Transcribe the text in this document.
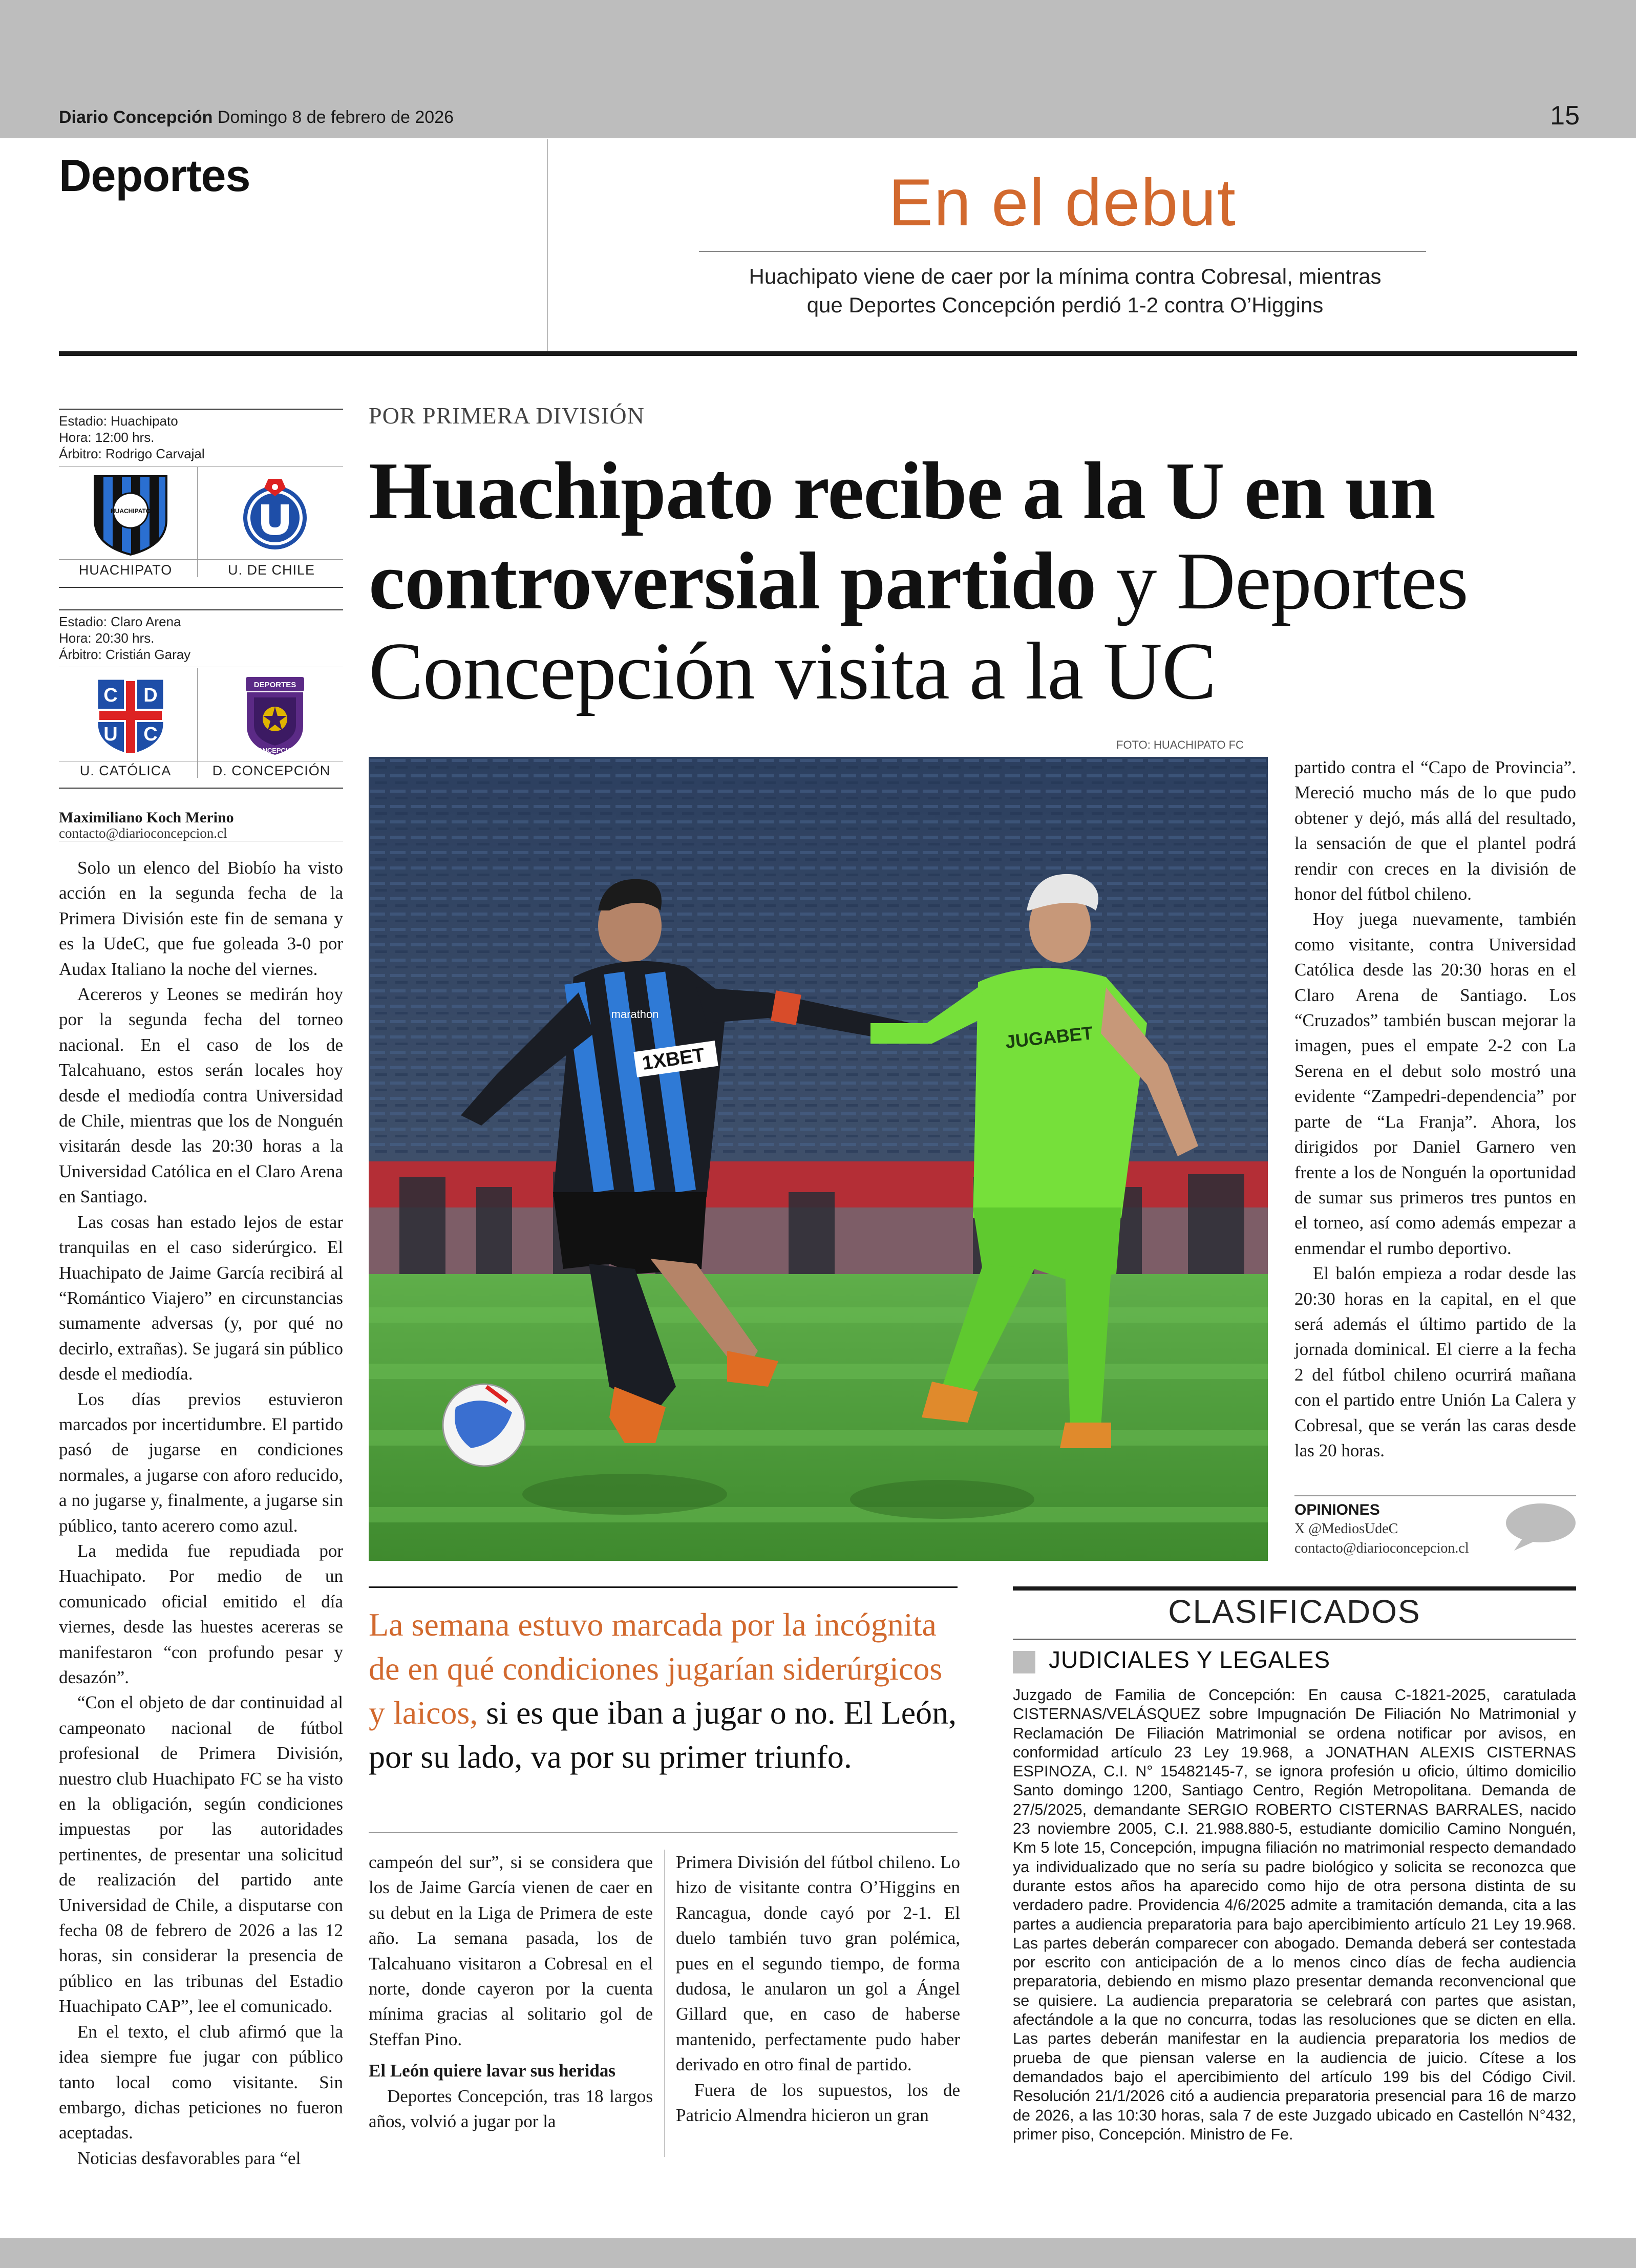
Diario Concepción Domingo 8 de febrero de 2026	15
Deportes	En el debut
Huachipato viene de caer por la mínima contra Cobresal, mientras
que Deportes Concepción perdió 1-2 contra O’Higgins
Estadio: Huachipato
Hora: 12:00 hrs.
Árbitro: Rodrigo Carvajal
HUACHIPATO
HUACHIPATO	U. DE CHILE
Estadio: Claro Arena
Hora: 20:30 hrs.
Árbitro: Cristián Garay
C D
U C
DEPORTES
CONCEPCION
U. CATÓLICA	D. CONCEPCIÓN
Maximiliano Koch Merino
contacto@diarioconcepcion.cl

Solo un elenco del Biobío ha visto acción en la segunda fecha de la Primera División este fin de semana y es la UdeC, que fue goleada 3-0 por Audax Italiano la noche del viernes.

Acereros y Leones se medirán hoy por la segunda fecha del torneo nacional. En el caso de los de Talcahuano, estos serán locales hoy desde el mediodía contra Universidad de Chile, mientras que los de Nonguén visitarán desde las 20:30 horas a la Universidad Católica en el Claro Arena en Santiago.

Las cosas han estado lejos de estar tranquilas en el caso siderúrgico. El Huachipato de Jaime García recibirá al “Romántico Viajero” en circunstancias sumamente adversas (y, por qué no decirlo, extrañas). Se jugará sin público desde el mediodía.

Los días previos estuvieron marcados por incertidumbre. El partido pasó de jugarse en condiciones normales, a jugarse con aforo reducido, a no jugarse y, finalmente, a jugarse sin público, tanto acerero como azul.

La medida fue repudiada por Huachipato. Por medio de un comunicado oficial emitido el día viernes, desde las huestes acereras se manifestaron “con profundo pesar y desazón”.

“Con el objeto de dar continuidad al campeonato nacional de fútbol profesional de Primera División, nuestro club Huachipato FC se ha visto en la obligación, según condiciones impuestas por las autoridades pertinentes, de presentar una solicitud de realización del partido ante Universidad de Chile, a disputarse con fecha 08 de febrero de 2026 a las 12 horas, sin considerar la presencia de público en las tribunas del Estadio Huachipato CAP”, lee el comunicado.

En el texto, el club afirmó que la idea siempre fue jugar con público tanto local como visitante. Sin embargo, dichas peticiones no fueron aceptadas.

Noticias desfavorables para “el

POR PRIMERA DIVISIÓN
Huachipato recibe a la U en un controversial partido y Deportes Concepción visita a la UC
FOTO: HUACHIPATO FC
1XBET
marathon
JUGABET

partido contra el “Capo de Provincia”. Mereció mucho más de lo que pudo obtener y dejó, más allá del resultado, la sensación de que el plantel podrá rendir con creces en la división de honor del fútbol chileno.

Hoy juega nuevamente, también como visitante, contra Universidad Católica desde las 20:30 horas en el Claro Arena de Santiago. Los “Cruzados” también buscan mejorar la imagen, pues el empate 2-2 con La Serena en el debut solo mostró una evidente “Zampedri-dependencia” por parte de “La Franja”. Ahora, los dirigidos por Daniel Garnero ven frente a los de Nonguén la oportunidad de sumar sus primeros tres puntos en el torneo, así como además empezar a enmendar el rumbo deportivo.

El balón empieza a rodar desde las 20:30 horas en la capital, en el que será además el último partido de la jornada dominical. El cierre a la fecha 2 del fútbol chileno ocurrirá mañana con el partido entre Unión La Calera y Cobresal, que se verán las caras desde las 20 horas.

OPINIONES
X @MediosUdeC
contacto@diarioconcepcion.cl
La semana estuvo marcada por la incógnita de en qué condiciones jugarían siderúrgicos y laicos, si es que iban a jugar o no. El León, por su lado, va por su primer triunfo.

campeón del sur”, si se considera que los de Jaime García vienen de caer en su debut en la Liga de Primera de este año. La semana pasada, los de Talcahuano visitaron a Cobresal en el norte, donde cayeron por la cuenta mínima gracias al solitario gol de Steffan Pino.

El León quiere lavar sus heridas

Deportes Concepción, tras 18 largos años, volvió a jugar por la

Primera División del fútbol chileno. Lo hizo de visitante contra O’Higgins en Rancagua, donde cayó por 2-1. El duelo también tuvo gran polémica, pues en el segundo tiempo, de forma dudosa, le anularon un gol a Ángel Gillard que, en caso de haberse mantenido, perfectamente pudo haber derivado en otro final de partido.

Fuera de los supuestos, los de Patricio Almendra hicieron un gran

CLASIFICADOS
JUDICIALES Y LEGALES
Juzgado de Familia de Concepción: En causa C-1821-2025, caratulada CISTERNAS/VELÁSQUEZ sobre Impugnación De Filiación No Matrimonial y Reclamación De Filiación Matrimonial se ordena notificar por avisos, en conformidad artículo 23 Ley 19.968, a JONATHAN ALEXIS CISTERNAS ESPINOZA, C.I. N° 15482145-7, se ignora profesión u oficio, último domicilio Santo domingo 1200, Santiago Centro, Región Metropolitana. Demanda de 27/5/2025, demandante SERGIO ROBERTO CISTERNAS BARRALES, nacido 23 noviembre 2005, C.I. 21.988.880-5, estudiante domicilio Camino Nonguén, Km 5 lote 15, Concepción, impugna filiación no matrimonial respecto demandado ya individualizado que no sería su padre biológico y solicita se reconozca que durante estos años ha aparecido como hijo de otra persona distinta de su verdadero padre. Providencia 4/6/2025 admite a tramitación demanda, cita a las partes a audiencia preparatoria para bajo apercibimiento artículo 21 Ley 19.968. Las partes deberán comparecer con abogado. Demanda deberá ser contestada por escrito con anticipación de a lo menos cinco días de fecha audiencia preparatoria, debiendo en mismo plazo presentar demanda reconvencional que se quisiere. La audiencia preparatoria se celebrará con partes que asistan, afectándole a la que no concurra, todas las resoluciones que se dicten en ella. Las partes deberán manifestar en la audiencia preparatoria los medios de prueba de que piensan valerse en la audiencia de juicio. Cítese a los demandados bajo el apercibimiento del artículo 199 bis del Código Civil. Resolución 21/1/2026 citó a audiencia preparatoria presencial para 16 de marzo de 2026, a las 10:30 horas, sala 7 de este Juzgado ubicado en Castellón N°432, primer piso, Concepción. Ministro de Fe.
